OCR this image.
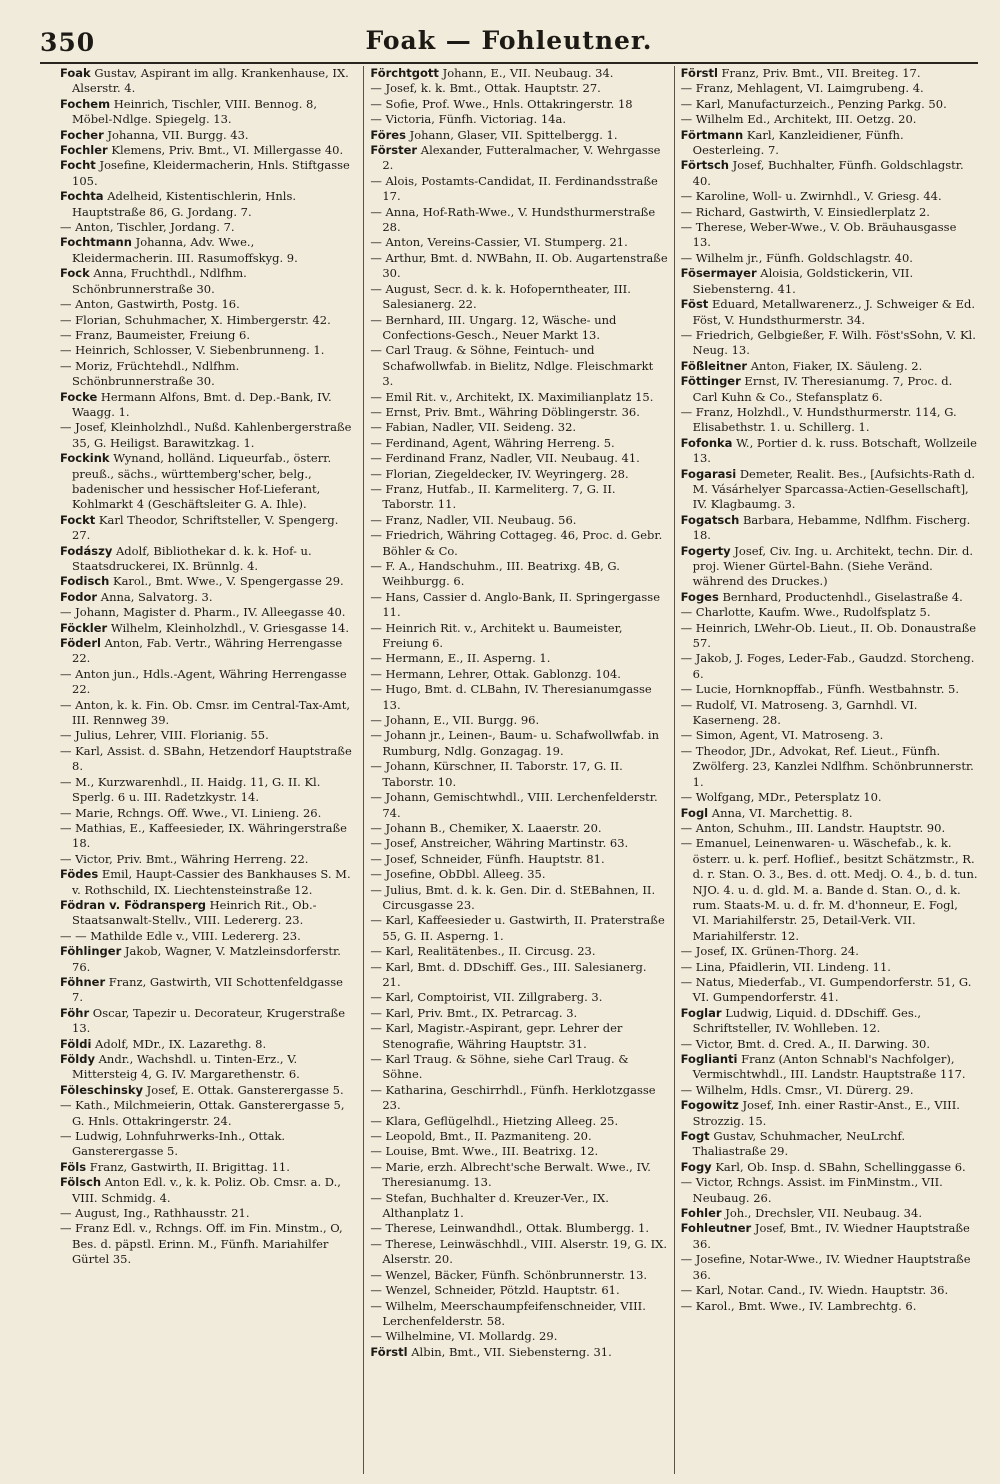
350	Foak — Fohleutner.
Foak Gustav, Aspirant im allg. Krankenhause, IX. Alserstr. 4.
Fochem Heinrich, Tischler, VIII. Bennog. 8, Möbel-Ndlge. Spiegelg. 13.
Focher Johanna, VII. Burgg. 43.
Fochler Klemens, Priv. Bmt., VI. Millergasse 40.
Focht Josefine, Kleidermacherin, Hnls. Stiftgasse 105.
Fochta Adelheid, Kistentischlerin, Hnls. Hauptstraße 86, G. Jordang. 7.
— Anton, Tischler, Jordang. 7.
Fochtmann Johanna, Adv. Wwe., Kleidermacherin. III. Rasumoffskyg. 9.
Fock Anna, Fruchthdl., Ndlfhm. Schönbrunnerstraße 30.
— Anton, Gastwirth, Postg. 16.
— Florian, Schuhmacher, X. Himbergerstr. 42.
— Franz, Baumeister, Freiung 6.
— Heinrich, Schlosser, V. Siebenbrunneng. 1.
— Moriz, Früchtehdl., Ndlfhm. Schönbrunnerstraße 30.
Focke Hermann Alfons, Bmt. d. Dep.-Bank, IV. Waagg. 1.
— Josef, Kleinholzhdl., Nußd. Kahlenbergerstraße 35, G. Heiligst. Barawitzkag. 1.
Fockink Wynand, holländ. Liqueurfab., österr. preuß., sächs., württemberg'scher, belg., badenischer und hessischer Hof-Lieferant, Kohlmarkt 4 (Geschäftsleiter G. A. Ihle).
Fockt Karl Theodor, Schriftsteller, V. Spengerg. 27.
Fodászy Adolf, Bibliothekar d. k. k. Hof- u. Staatsdruckerei, IX. Brünnlg. 4.
Fodisch Karol., Bmt. Wwe., V. Spengergasse 29.
Fodor Anna, Salvatorg. 3.
— Johann, Magister d. Pharm., IV. Alleegasse 40.
Föckler Wilhelm, Kleinholzhdl., V. Griesgasse 14.
Föderl Anton, Fab. Vertr., Währing Herrengasse 22.
— Anton jun., Hdls.-Agent, Währing Herrengasse 22.
— Anton, k. k. Fin. Ob. Cmsr. im Central-Tax-Amt, III. Rennweg 39.
— Julius, Lehrer, VIII. Florianig. 55.
— Karl, Assist. d. SBahn, Hetzendorf Hauptstraße 8.
— M., Kurzwarenhdl., II. Haidg. 11, G. II. Kl. Sperlg. 6 u. III. Radetzkystr. 14.
— Marie, Rchngs. Off. Wwe., VI. Linieng. 26.
— Mathias, E., Kaffeesieder, IX. Währingerstraße 18.
— Victor, Priv. Bmt., Währing Herreng. 22.
Födes Emil, Haupt-Cassier des Bankhauses S. M. v. Rothschild, IX. Liechtensteinstraße 12.
Födran v. Födransperg Heinrich Rit., Ob.-Staatsanwalt-Stellv., VIII. Ledererg. 23.
— — Mathilde Edle v., VIII. Ledererg. 23.
Föhlinger Jakob, Wagner, V. Matzleinsdorferstr. 76.
Föhner Franz, Gastwirth, VII Schottenfeldgasse 7.
Föhr Oscar, Tapezir u. Decorateur, Krugerstraße 13.
Földi Adolf, MDr., IX. Lazarethg. 8.
Földy Andr., Wachshdl. u. Tinten-Erz., V. Mittersteig 4, G. IV. Margarethenstr. 6.
Föleschinsky Josef, E. Ottak. Gansterergasse 5.
— Kath., Milchmeierin, Ottak. Gansterergasse 5, G. Hnls. Ottakringerstr. 24.
— Ludwig, Lohnfuhrwerks-Inh., Ottak. Gansterergasse 5.
Föls Franz, Gastwirth, II. Brigittag. 11.
Fölsch Anton Edl. v., k. k. Poliz. Ob. Cmsr. a. D., VIII. Schmidg. 4.
— August, Ing., Rathhausstr. 21.
— Franz Edl. v., Rchngs. Off. im Fin. Minstm., O, Bes. d. päpstl. Erinn. M., Fünfh. Mariahilfer Gürtel 35.
Förchtgott Johann, E., VII. Neubaug. 34.
— Josef, k. k. Bmt., Ottak. Hauptstr. 27.
— Sofie, Prof. Wwe., Hnls. Ottakringerstr. 18
— Victoria, Fünfh. Victoriag. 14a.
Föres Johann, Glaser, VII. Spittelbergg. 1.
Förster Alexander, Futteralmacher, V. Wehrgasse 2.
— Alois, Postamts-Candidat, II. Ferdinandsstraße 17.
— Anna, Hof-Rath-Wwe., V. Hundsthurmerstraße 28.
— Anton, Vereins-Cassier, VI. Stumperg. 21.
— Arthur, Bmt. d. NWBahn, II. Ob. Augartenstraße 30.
— August, Secr. d. k. k. Hofoperntheater, III. Salesianerg. 22.
— Bernhard, III. Ungarg. 12, Wäsche- und Confections-Gesch., Neuer Markt 13.
— Carl Traug. & Söhne, Feintuch- und Schafwollwfab. in Bielitz, Ndlge. Fleischmarkt 3.
— Emil Rit. v., Architekt, IX. Maximilianplatz 15.
— Ernst, Priv. Bmt., Währing Döblingerstr. 36.
— Fabian, Nadler, VII. Seideng. 32.
— Ferdinand, Agent, Währing Herreng. 5.
— Ferdinand Franz, Nadler, VII. Neubaug. 41.
— Florian, Ziegeldecker, IV. Weyringerg. 28.
— Franz, Hutfab., II. Karmeliterg. 7, G. II. Taborstr. 11.
— Franz, Nadler, VII. Neubaug. 56.
— Friedrich, Währing Cottageg. 46, Proc. d. Gebr. Böhler & Co.
— F. A., Handschuhm., III. Beatrixg. 4B, G. Weihburgg. 6.
— Hans, Cassier d. Anglo-Bank, II. Springergasse 11.
— Heinrich Rit. v., Architekt u. Baumeister, Freiung 6.
— Hermann, E., II. Asperng. 1.
— Hermann, Lehrer, Ottak. Gablonzg. 104.
— Hugo, Bmt. d. CLBahn, IV. Theresianumgasse 13.
— Johann, E., VII. Burgg. 96.
— Johann jr., Leinen-, Baum- u. Schafwollwfab. in Rumburg, Ndlg. Gonzagag. 19.
— Johann, Kürschner, II. Taborstr. 17, G. II. Taborstr. 10.
— Johann, Gemischtwhdl., VIII. Lerchenfelderstr. 74.
— Johann B., Chemiker, X. Laaerstr. 20.
— Josef, Anstreicher, Währing Martinstr. 63.
— Josef, Schneider, Fünfh. Hauptstr. 81.
— Josefine, ObDbl. Alleeg. 35.
— Julius, Bmt. d. k. k. Gen. Dir. d. StEBahnen, II. Circusgasse 23.
— Karl, Kaffeesieder u. Gastwirth, II. Praterstraße 55, G. II. Asperng. 1.
— Karl, Realitätenbes., II. Circusg. 23.
— Karl, Bmt. d. DDschiff. Ges., III. Salesianerg. 21.
— Karl, Comptoirist, VII. Zillgraberg. 3.
— Karl, Priv. Bmt., IX. Petrarcag. 3.
— Karl, Magistr.-Aspirant, gepr. Lehrer der Stenografie, Währing Hauptstr. 31.
— Karl Traug. & Söhne, siehe Carl Traug. & Söhne.
— Katharina, Geschirrhdl., Fünfh. Herklotzgasse 23.
— Klara, Geflügelhdl., Hietzing Alleeg. 25.
— Leopold, Bmt., II. Pazmaniteng. 20.
— Louise, Bmt. Wwe., III. Beatrixg. 12.
— Marie, erzh. Albrecht'sche Berwalt. Wwe., IV. Theresianumg. 13.
— Stefan, Buchhalter d. Kreuzer-Ver., IX. Althanplatz 1.
— Therese, Leinwandhdl., Ottak. Blumbergg. 1.
— Therese, Leinwäschhdl., VIII. Alserstr. 19, G. IX. Alserstr. 20.
— Wenzel, Bäcker, Fünfh. Schönbrunnerstr. 13.
— Wenzel, Schneider, Pötzld. Hauptstr. 61.
— Wilhelm, Meerschaumpfeifenschneider, VIII. Lerchenfelderstr. 58.
— Wilhelmine, VI. Mollardg. 29.
Förstl Albin, Bmt., VII. Siebensterng. 31.
Förstl Franz, Priv. Bmt., VII. Breiteg. 17.
— Franz, Mehlagent, VI. Laimgrubeng. 4.
— Karl, Manufacturzeich., Penzing Parkg. 50.
— Wilhelm Ed., Architekt, III. Oetzg. 20.
Förtmann Karl, Kanzleidiener, Fünfh. Oesterleing. 7.
Förtsch Josef, Buchhalter, Fünfh. Goldschlagstr. 40.
— Karoline, Woll- u. Zwirnhdl., V. Griesg. 44.
— Richard, Gastwirth, V. Einsiedlerplatz 2.
— Therese, Weber-Wwe., V. Ob. Bräuhausgasse 13.
— Wilhelm jr., Fünfh. Goldschlagstr. 40.
Fösermayer Aloisia, Goldstickerin, VII. Siebensterng. 41.
Föst Eduard, Metallwarenerz., J. Schweiger & Ed. Föst, V. Hundsthurmerstr. 34.
— Friedrich, Gelbgießer, F. Wilh. Föst'sSohn, V. Kl. Neug. 13.
Fößleitner Anton, Fiaker, IX. Säuleng. 2.
Föttinger Ernst, IV. Theresianumg. 7, Proc. d. Carl Kuhn & Co., Stefansplatz 6.
— Franz, Holzhdl., V. Hundsthurmerstr. 114, G. Elisabethstr. 1. u. Schillerg. 1.
Fofonka W., Portier d. k. russ. Botschaft, Wollzeile 13.
Fogarasi Demeter, Realit. Bes., [Aufsichts-Rath d. M. Vásárhelyer Sparcassa-Actien-Gesellschaft], IV. Klagbaumg. 3.
Fogatsch Barbara, Hebamme, Ndlfhm. Fischerg. 18.
Fogerty Josef, Civ. Ing. u. Architekt, techn. Dir. d. proj. Wiener Gürtel-Bahn. (Siehe Veränd. während des Druckes.)
Foges Bernhard, Productenhdl., Giselastraße 4.
— Charlotte, Kaufm. Wwe., Rudolfsplatz 5.
— Heinrich, LWehr-Ob. Lieut., II. Ob. Donaustraße 57.
— Jakob, J. Foges, Leder-Fab., Gaudzd. Storcheng. 6.
— Lucie, Hornknopffab., Fünfh. Westbahnstr. 5.
— Rudolf, VI. Matroseng. 3, Garnhdl. VI. Kaserneng. 28.
— Simon, Agent, VI. Matroseng. 3.
— Theodor, JDr., Advokat, Ref. Lieut., Fünfh. Zwölferg. 23, Kanzlei Ndlfhm. Schönbrunnerstr. 1.
— Wolfgang, MDr., Petersplatz 10.
Fogl Anna, VI. Marchettig. 8.
— Anton, Schuhm., III. Landstr. Hauptstr. 90.
— Emanuel, Leinenwaren- u. Wäschefab., k. k. österr. u. k. perf. Hoflief., besitzt Schätzmstr., R. d. r. Stan. O. 3., Bes. d. ott. Medj. O. 4., b. d. tun. NJO. 4. u. d. gld. M. a. Bande d. Stan. O., d. k. rum. Staats-M. u. d. fr. M. d'honneur, E. Fogl, VI. Mariahilferstr. 25, Detail-Verk. VII. Mariahilferstr. 12.
— Josef, IX. Grünen-Thorg. 24.
— Lina, Pfaidlerin, VII. Lindeng. 11.
— Natus, Miederfab., VI. Gumpendorferstr. 51, G. VI. Gumpendorferstr. 41.
Foglar Ludwig, Liquid. d. DDschiff. Ges., Schriftsteller, IV. Wohlleben. 12.
— Victor, Bmt. d. Cred. A., II. Darwing. 30.
Foglianti Franz (Anton Schnabl's Nachfolger), Vermischtwhdl., III. Landstr. Hauptstraße 117.
— Wilhelm, Hdls. Cmsr., VI. Dürerg. 29.
Fogowitz Josef, Inh. einer Rastir-Anst., E., VIII. Strozzig. 15.
Fogt Gustav, Schuhmacher, NeuLrchf. Thaliastraße 29.
Fogy Karl, Ob. Insp. d. SBahn, Schellinggasse 6.
— Victor, Rchngs. Assist. im FinMinstm., VII. Neubaug. 26.
Fohler Joh., Drechsler, VII. Neubaug. 34.
Fohleutner Josef, Bmt., IV. Wiedner Hauptstraße 36.
— Josefine, Notar-Wwe., IV. Wiedner Hauptstraße 36.
— Karl, Notar. Cand., IV. Wiedn. Hauptstr. 36.
— Karol., Bmt. Wwe., IV. Lambrechtg. 6.
